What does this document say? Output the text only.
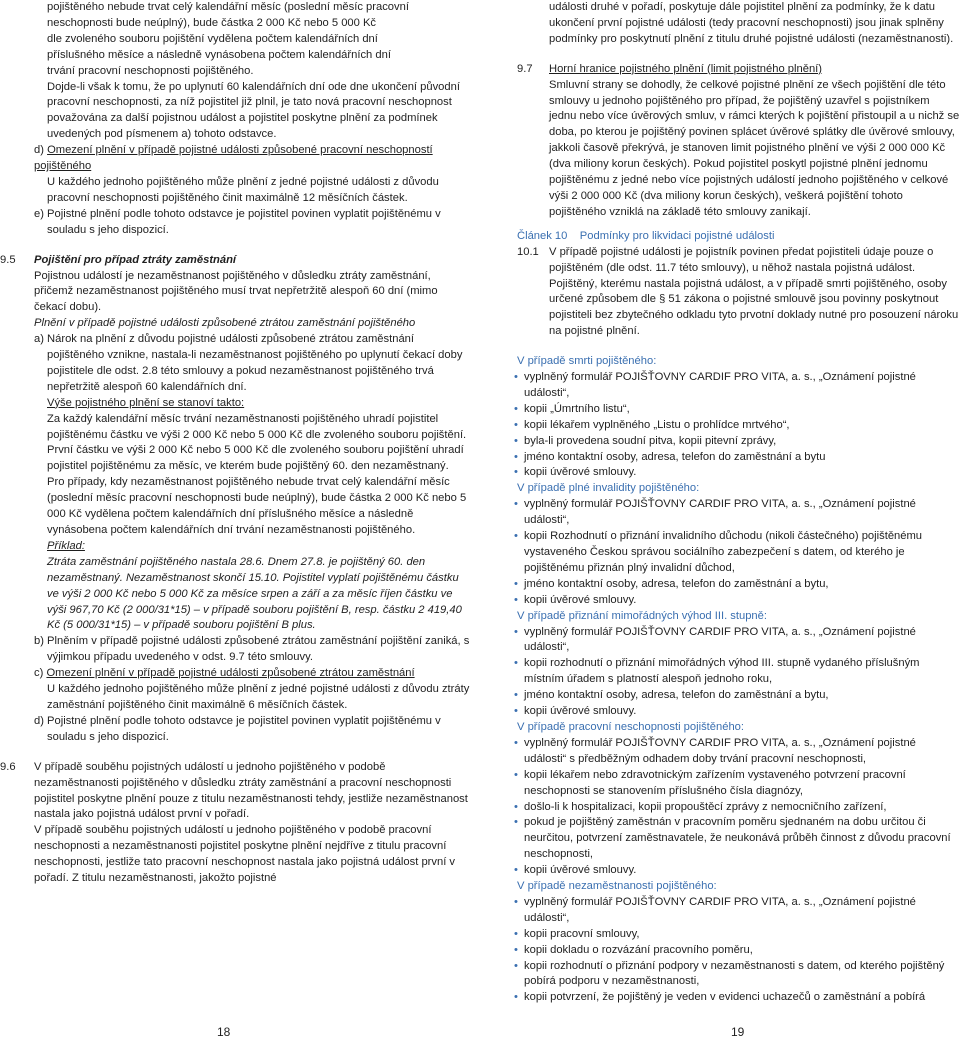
pojištěného nebude trvat celý kalendářní měsíc (poslední měsíc pracovní

neschopnosti bude neúplný), bude částka 2 000 Kč nebo 5 000 Kč

dle zvoleného souboru pojištění vydělena počtem kalendářních dní

příslušného měsíce a následně vynásobena počtem kalendářních dní

trvání pracovní neschopnosti pojištěného.

Dojde-li však k tomu, že po uplynutí 60 kalendářních dní ode dne ukončení původní pracovní neschopnosti, za níž pojistitel již plnil, je tato nová pracovní neschopnost považována za další pojistnou událost a pojistitel poskytne plnění za podmínek uvedených pod písmenem a) tohoto odstavce.

d) Omezení plnění v případě pojistné události způsobené pracovní neschopností pojištěného

U každého jednoho pojištěného může plnění z jedné pojistné události z důvodu pracovní neschopnosti pojištěného činit maximálně 12 měsíčních částek.

e) Pojistné plnění podle tohoto odstavce je pojistitel povinen vyplatit pojištěnému v souladu s jeho dispozicí.

9.5 Pojištění pro případ ztráty zaměstnání

Pojistnou událostí je nezaměstnanost pojištěného v důsledku ztráty zaměstnání, přičemž nezaměstnanost pojištěného musí trvat nepřetržitě alespoň 60 dní (mimo čekací dobu).

Plnění v případě pojistné události způsobené ztrátou zaměstnání pojištěného

a) Nárok na plnění z důvodu pojistné události způsobené ztrátou zaměstnání pojištěného vznikne, nastala-li nezaměstnanost pojištěného po uplynutí čekací doby pojistitele dle odst. 2.8 této smlouvy a pokud nezaměstnanost pojištěného trvá nepřetržitě alespoň 60 kalendářních dní.

Výše pojistného plnění se stanoví takto:

Za každý kalendářní měsíc trvání nezaměstnanosti pojištěného uhradí pojistitel pojištěnému částku ve výši 2 000 Kč nebo 5 000 Kč dle zvoleného souboru pojištění.

První částku ve výši 2 000 Kč nebo 5 000 Kč dle zvoleného souboru pojištění uhradí pojistitel pojištěnému za měsíc, ve kterém bude pojištěný 60. den nezaměstnaný.

Pro případy, kdy nezaměstnanost pojištěného nebude trvat celý kalendářní měsíc (poslední měsíc pracovní neschopnosti bude neúplný), bude částka 2 000 Kč nebo 5 000 Kč vydělena počtem kalendářních dní příslušného měsíce a následně vynásobena počtem kalendářních dní trvání nezaměstnanosti pojištěného.

Příklad:

Ztráta zaměstnání pojištěného nastala 28.6. Dnem 27.8. je pojištěný 60. den nezaměstnaný. Nezaměstnanost skončí 15.10. Pojistitel vyplatí pojištěnému částku ve výši 2 000 Kč nebo 5 000 Kč za měsíce srpen a září a za měsíc říjen částku ve výši 967,70 Kč (2 000/31*15) – v případě souboru pojištění B, resp. částku 2 419,40 Kč (5 000/31*15) – v případě souboru pojištění B plus.

b) Plněním v případě pojistné události způsobené ztrátou zaměstnání pojištění zaniká, s výjimkou případu uvedeného v odst. 9.7 této smlouvy.

c) Omezení plnění v případě pojistné události způsobené ztrátou zaměstnání

U každého jednoho pojištěného může plnění z jedné pojistné události z důvodu ztráty zaměstnání pojištěného činit maximálně 6 měsíčních částek.

d) Pojistné plnění podle tohoto odstavce je pojistitel povinen vyplatit pojištěnému v souladu s jeho dispozicí.

9.6 V případě souběhu pojistných událostí u jednoho pojištěného v podobě nezaměstnanosti pojištěného v důsledku ztráty zaměstnání a pracovní neschopnosti pojistitel poskytne plnění pouze z titulu nezaměstnanosti tehdy, jestliže nezaměstnanost nastala jako pojistná událost první v pořadí.

V případě souběhu pojistných událostí u jednoho pojištěného v podobě pracovní neschopnosti a nezaměstnanosti pojistitel poskytne plnění nejdříve z titulu pracovní neschopnosti, jestliže tato pracovní neschopnost nastala jako pojistná událost první v pořadí. Z titulu nezaměstnanosti, jakožto pojistné

18

události druhé v pořadí, poskytuje dále pojistitel plnění za podmínky, že k datu ukončení první pojistné události (tedy pracovní neschopnosti) jsou jinak splněny podmínky pro poskytnutí plnění z titulu druhé pojistné události (nezaměstnanosti).

9.7 Horní hranice pojistného plnění (limit pojistného plnění)

Smluvní strany se dohodly, že celkové pojistné plnění ze všech pojištění dle této smlouvy u jednoho pojištěného pro případ, že pojištěný uzavřel s pojistníkem jednu nebo více úvěrových smluv, v rámci kterých k pojištění přistoupil a u nichž se doba, po kterou je pojištěný povinen splácet úvěrové splátky dle úvěrové smlouvy, jakkoli časově překrývá, je stanoven limit pojistného plnění ve výši 2 000 000 Kč (dva miliony korun českých). Pokud pojistitel poskytl pojistné plnění jednomu pojištěnému z jedné nebo více pojistných událostí jednoho pojištěného v celkové výši 2 000 000 Kč (dva miliony korun českých), veškerá pojištění tohoto pojištěného vzniklá na základě této smlouvy zanikají.

Článek 10    Podmínky pro likvidaci pojistné události

10.1 V případě pojistné události je pojistník povinen předat pojistiteli údaje pouze o pojištěném (dle odst. 11.7 této smlouvy), u něhož nastala pojistná událost. Pojištěný, kterému nastala pojistná událost, a v případě smrti pojištěného, osoby určené způsobem dle § 51 zákona o pojistné smlouvě jsou povinny poskytnout pojistiteli bez zbytečného odkladu tyto prvotní doklady nutné pro posouzení nároku na pojistné plnění.

V případě smrti pojištěného:

• vyplněný formulář POJIŠŤOVNY CARDIF PRO VITA, a. s., „Oznámení pojistné události“,

• kopii „Úmrtního listu“,

• kopii lékařem vyplněného „Listu o prohlídce mrtvého“,

• byla-li provedena soudní pitva, kopii pitevní zprávy,

• jméno kontaktní osoby, adresa, telefon do zaměstnání a bytu

• kopii úvěrové smlouvy.

V případě plné invalidity pojištěného:

• vyplněný formulář POJIŠŤOVNY CARDIF PRO VITA, a. s., „Oznámení pojistné události“,

• kopii Rozhodnutí o přiznání invalidního důchodu (nikoli částečného) pojištěnému vystaveného Českou správou sociálního zabezpečení s datem, od kterého je pojištěnému přiznán plný invalidní důchod,

• jméno kontaktní osoby, adresa, telefon do zaměstnání a bytu,

• kopii úvěrové smlouvy.

V případě přiznání mimořádných výhod III. stupně:

• vyplněný formulář POJIŠŤOVNY CARDIF PRO VITA, a. s., „Oznámení pojistné události“,

• kopii rozhodnutí o přiznání mimořádných výhod III. stupně vydaného příslušným místním úřadem s platností alespoň jednoho roku,

• jméno kontaktní osoby, adresa, telefon do zaměstnání a bytu,

• kopii úvěrové smlouvy.

V případě pracovní neschopnosti pojištěného:

• vyplněný formulář POJIŠŤOVNY CARDIF PRO VITA, a. s., „Oznámení pojistné události“ s předběžným odhadem doby trvání pracovní neschopnosti,

• kopii lékařem nebo zdravotnickým zařízením vystaveného potvrzení pracovní neschopnosti se stanovením příslušného čísla diagnózy,

• došlo-li k hospitalizaci, kopii propouštěcí zprávy z nemocničního zařízení,

• pokud je pojištěný zaměstnán v pracovním poměru sjednaném na dobu určitou či neurčitou, potvrzení zaměstnavatele, že neukonává průběh činnost z důvodu pracovní neschopnosti,

• kopii úvěrové smlouvy.

V případě nezaměstnanosti pojištěného:

• vyplněný formulář POJIŠŤOVNY CARDIF PRO VITA, a. s., „Oznámení pojistné události“,

• kopii pracovní smlouvy,

• kopii dokladu o rozvázání pracovního poměru,

• kopii rozhodnutí o přiznání podpory v nezaměstnanosti s datem, od kterého pojištěný pobírá podporu v nezaměstnanosti,

• kopii potvrzení, že pojištěný je veden v evidenci uchazečů o zaměstnání a pobírá

19
